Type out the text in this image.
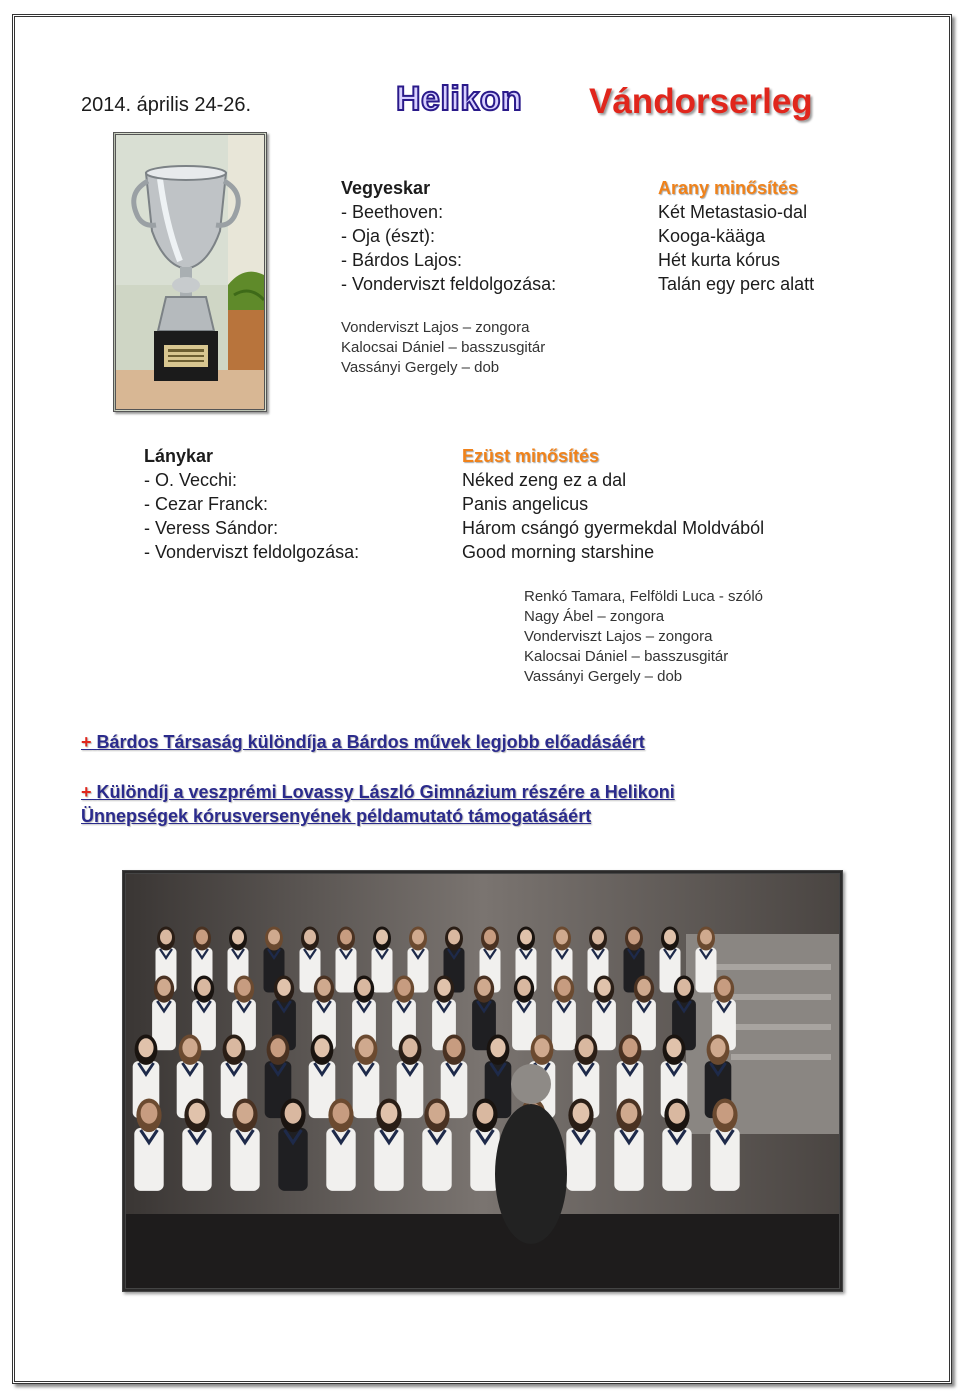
2014. április 24-26.	Helikon Vándorserleg
Vegyeskar	Arany minősítés
- Beethoven:	Két Metastasio-dal
- Oja (észt):	Kooga-kääga
- Bárdos Lajos:	Hét kurta kórus
- Vonderviszt feldolgozása:	Talán egy perc alatt
Vonderviszt Lajos – zongora
Kalocsai Dániel – basszusgitár
Vassányi Gergely – dob
Lánykar	Ezüst minősítés
- O. Vecchi:	Néked zeng ez a dal
- Cezar Franck:	Panis angelicus
- Veress Sándor:	Három csángó gyermekdal Moldvából
- Vonderviszt feldolgozása:	Good morning starshine
Renkó Tamara, Felföldi Luca - szóló
Nagy Ábel – zongora
Vonderviszt Lajos – zongora
Kalocsai Dániel – basszusgitár
Vassányi Gergely – dob
+ Bárdos Társaság különdíja a Bárdos művek legjobb előadásáért
+ Különdíj a veszprémi Lovassy László Gimnázium részére a Helikoni
Ünnepségek kórusversenyének példamutató támogatásáért
